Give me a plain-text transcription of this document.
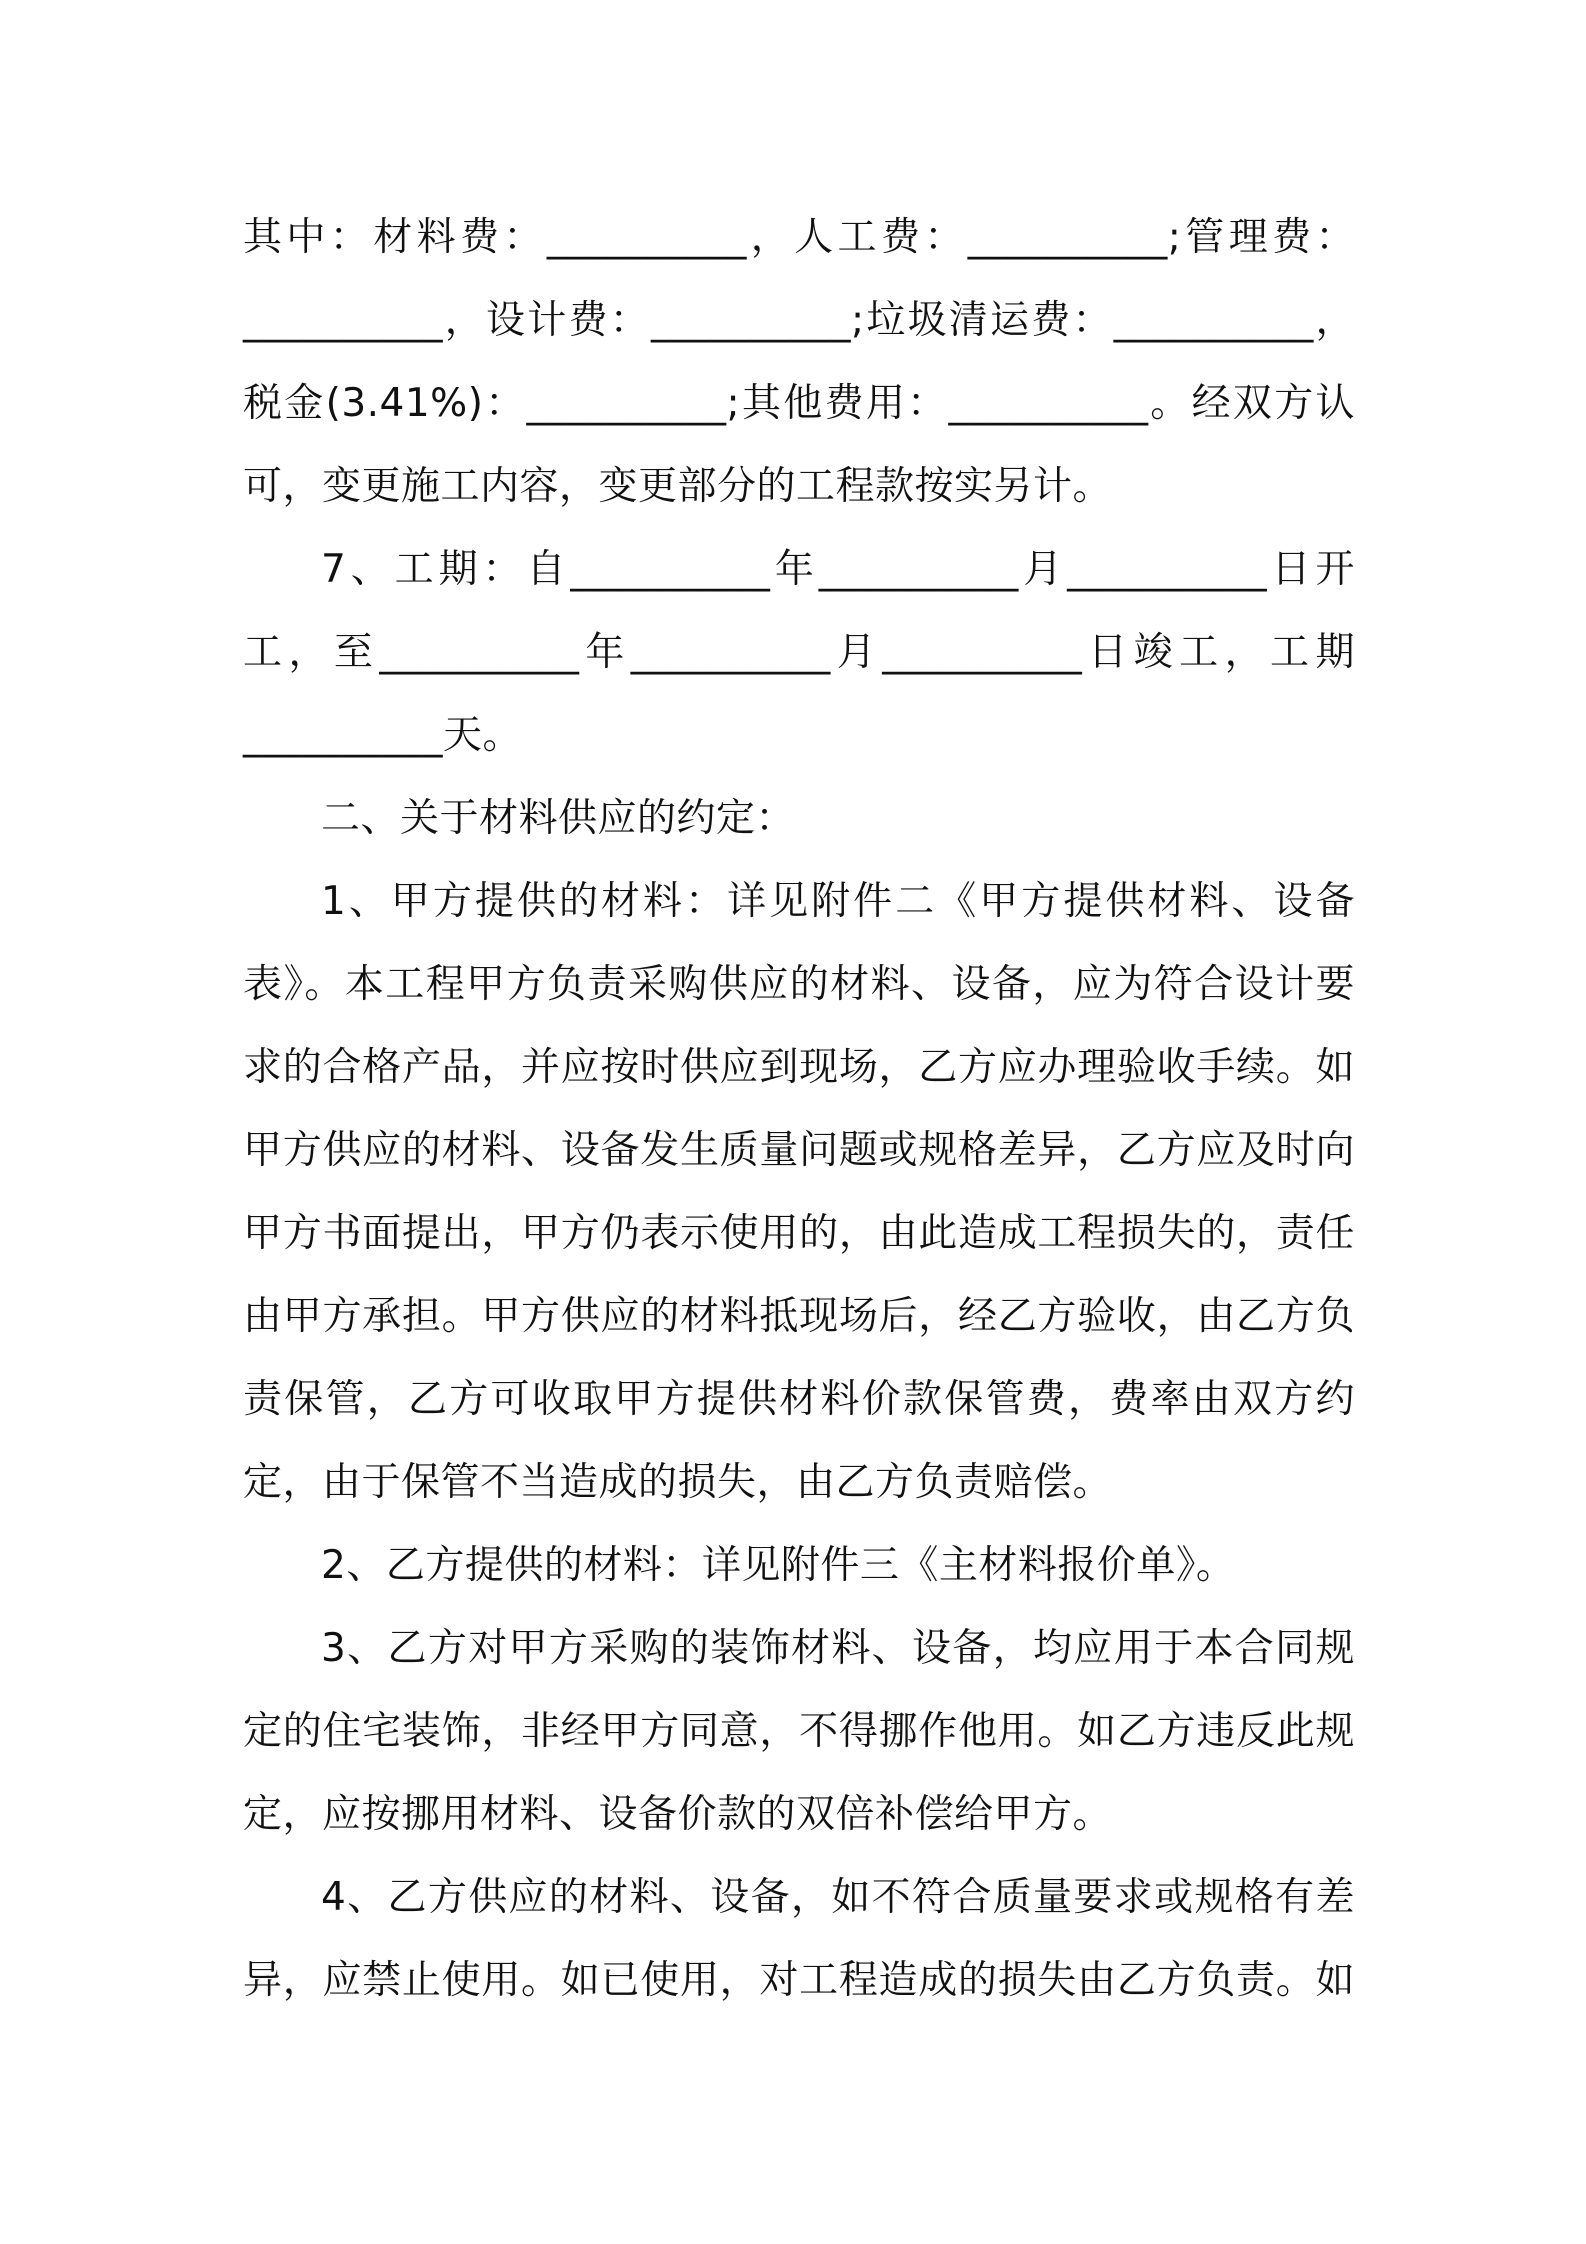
其中：材料费：__________，人工费：__________;管理费：__________，设计费：__________;垃圾清运费：__________，税金(3.41%)：__________;其他费用：__________。经双方认可，变更施工内容，变更部分的工程款按实另计。

7、工期：自__________年__________月__________日开工，至__________年__________月__________日竣工，工期__________天。

二、关于材料供应的约定：

1、甲方提供的材料：详见附件二《甲方提供材料、设备表》。本工程甲方负责采购供应的材料、设备，应为符合设计要求的合格产品，并应按时供应到现场，乙方应办理验收手续。如甲方供应的材料、设备发生质量问题或规格差异，乙方应及时向甲方书面提出，甲方仍表示使用的，由此造成工程损失的，责任由甲方承担。甲方供应的材料抵现场后，经乙方验收，由乙方负责保管，乙方可收取甲方提供材料价款保管费，费率由双方约定，由于保管不当造成的损失，由乙方负责赔偿。

2、乙方提供的材料：详见附件三《主材料报价单》。

3、乙方对甲方采购的装饰材料、设备，均应用于本合同规定的住宅装饰，非经甲方同意，不得挪作他用。如乙方违反此规定，应按挪用材料、设备价款的双倍补偿给甲方。

4、乙方供应的材料、设备，如不符合质量要求或规格有差异，应禁止使用。如已使用，对工程造成的损失由乙方负责。如
